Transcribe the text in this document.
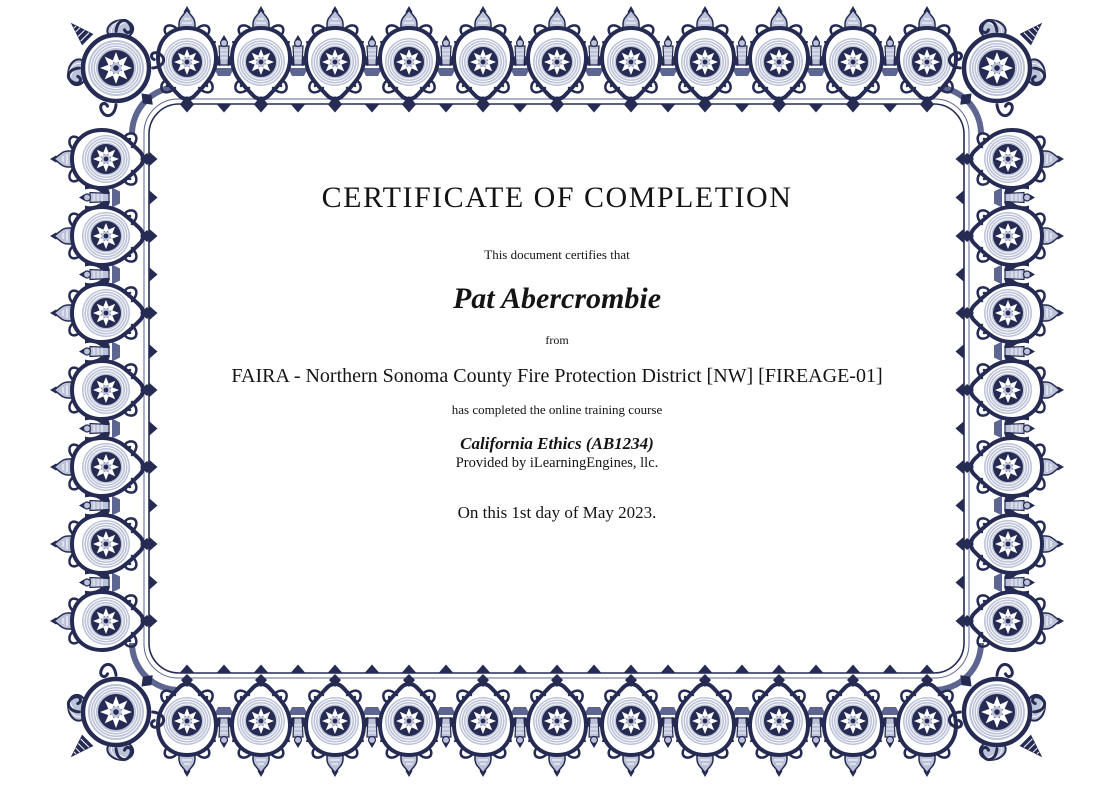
CERTIFICATE OF COMPLETION
This document certifies that
Pat Abercrombie
from
FAIRA - Northern Sonoma County Fire Protection District [NW] [FIREAGE-01]
has completed the online training course
California Ethics (AB1234)
Provided by iLearningEngines, llc.
On this 1st day of May 2023.
